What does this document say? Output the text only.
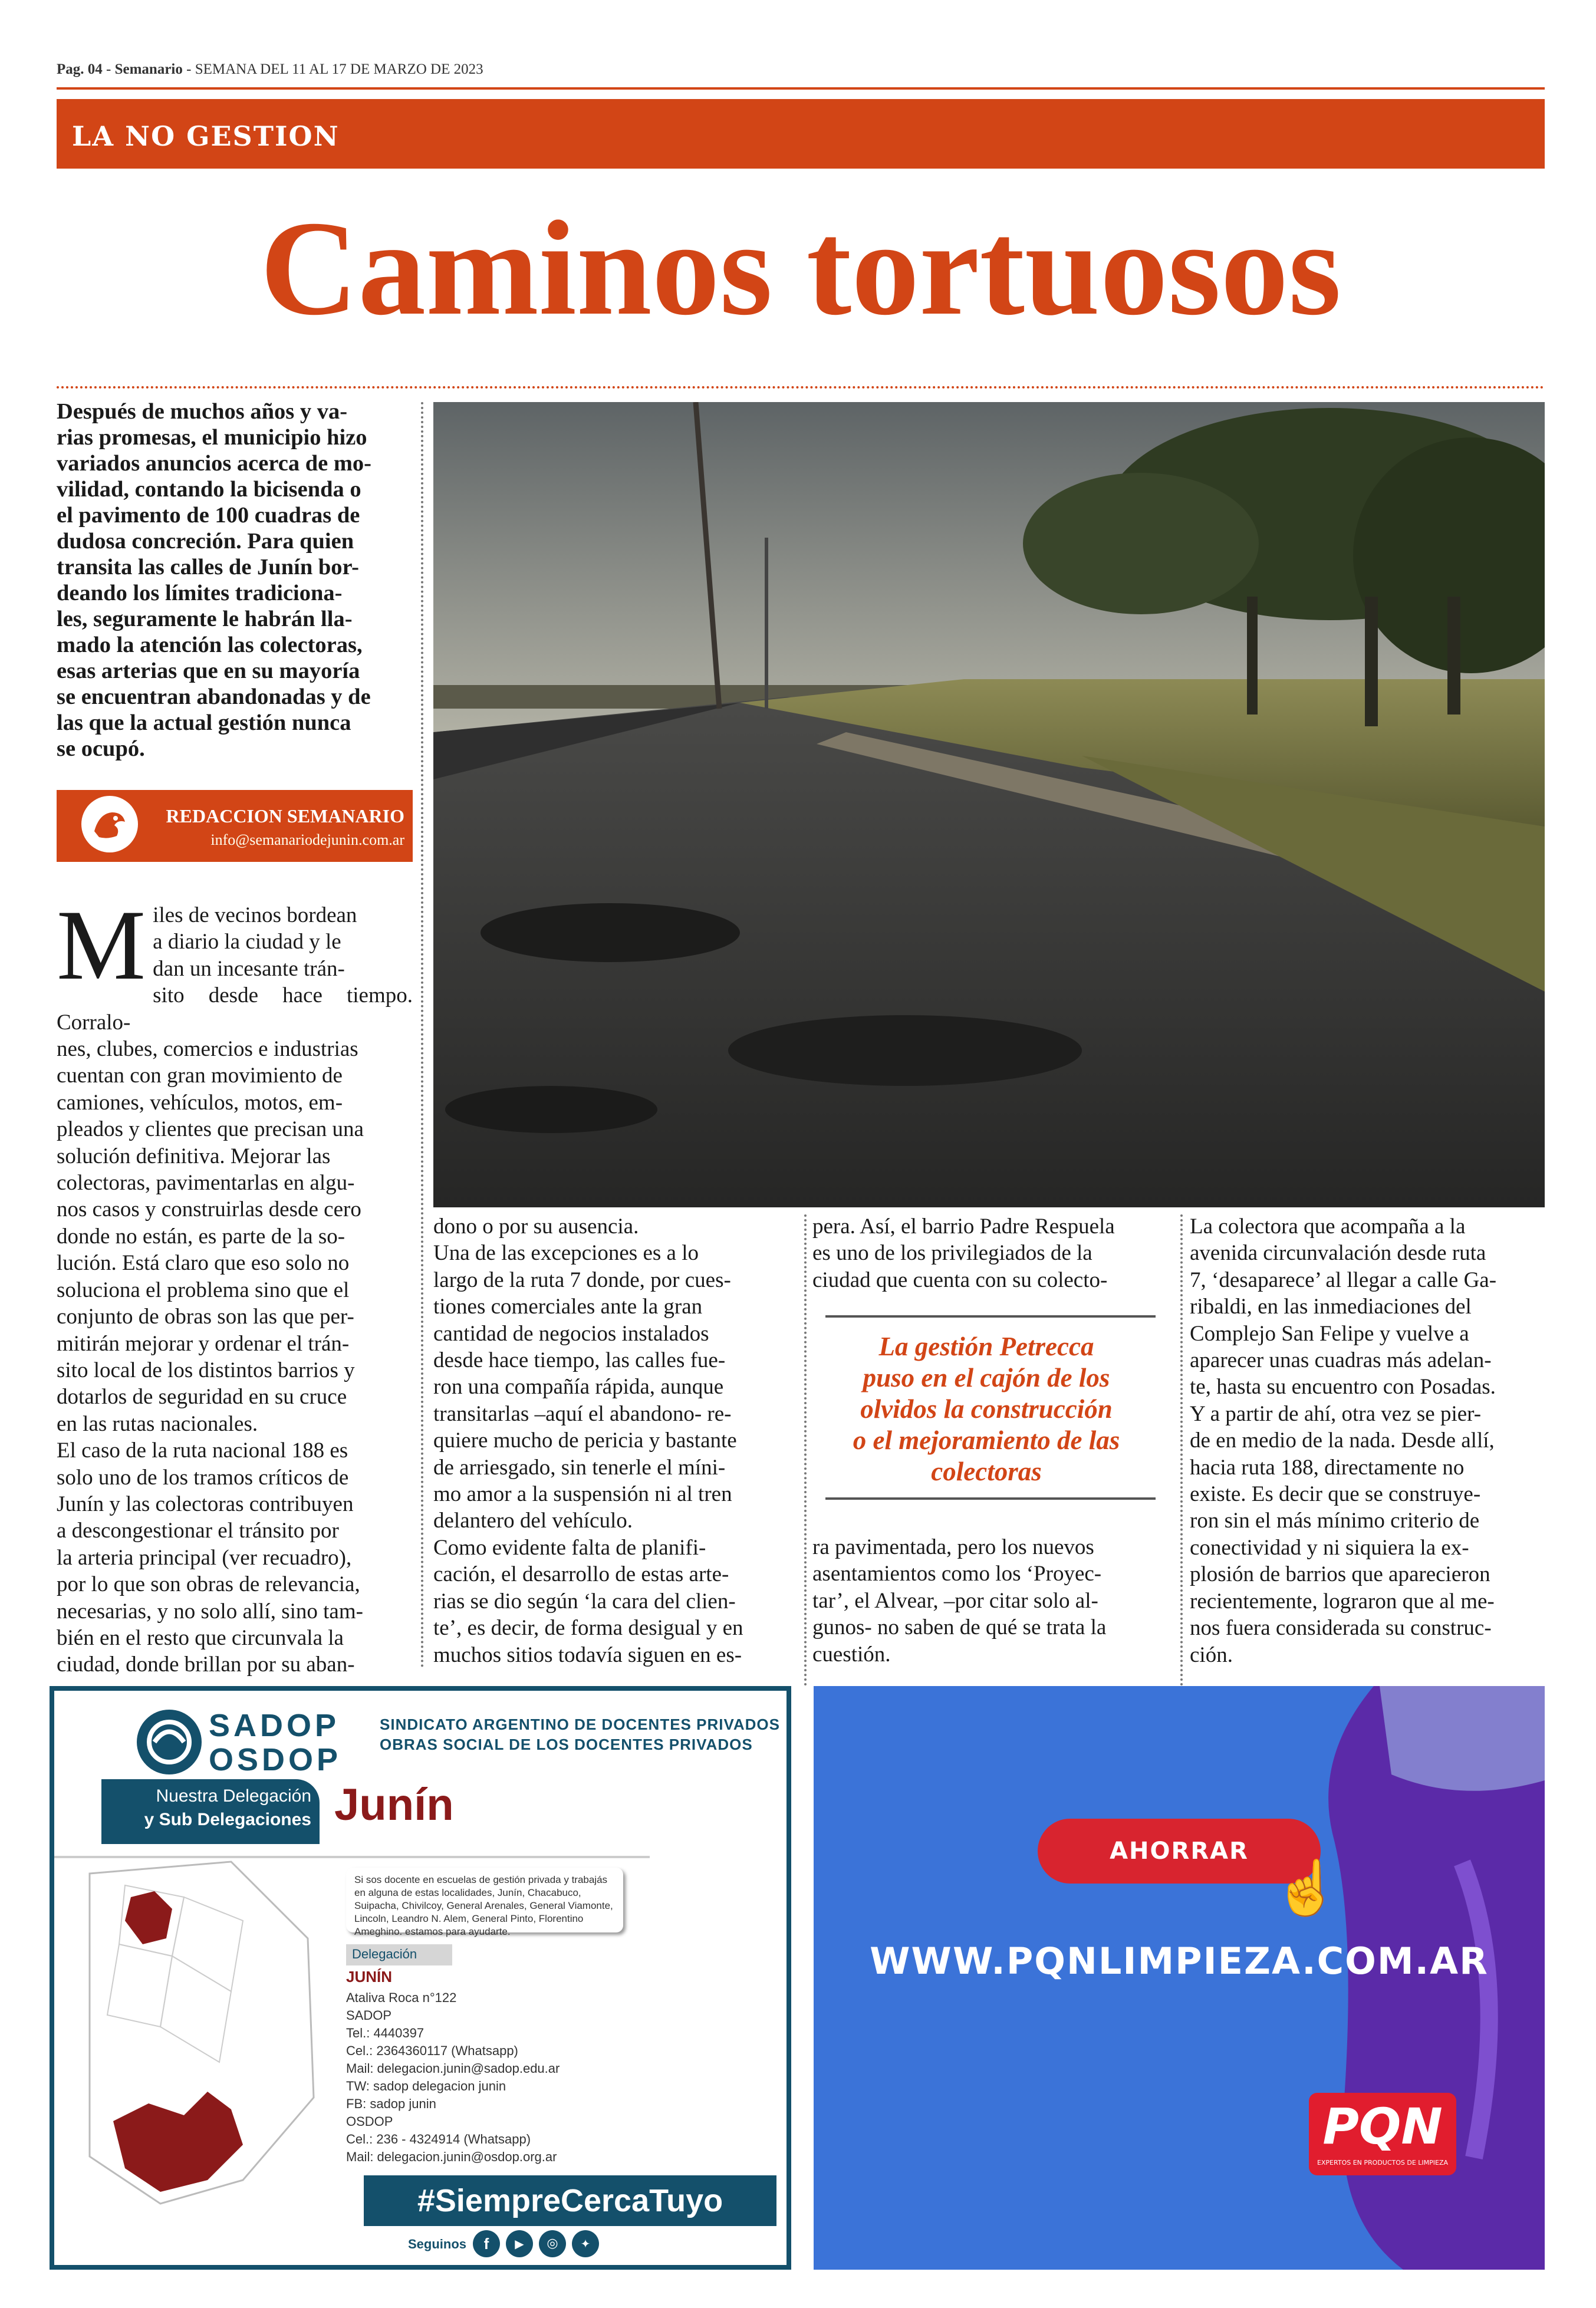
Pag. 04 - Semanario - SEMANA DEL 11 AL 17 DE MARZO DE 2023
LA NO GESTION
Caminos tortuosos
Después de muchos años y va-
rias promesas, el municipio hizo
variados anuncios acerca de mo-
vilidad, contando la bicisenda o
el pavimento de 100 cuadras de
dudosa concreción. Para quien
transita las calles de Junín bor-
deando los límites tradiciona-
les, seguramente le habrán lla-
mado la atención las colectoras,
esas arterias que en su mayoría
se encuentran abandonadas y de
las que la actual gestión nunca
se ocupó.
REDACCION SEMANARIO
info@semanariodejunin.com.ar
Miles de vecinos bordean
a diario la ciudad y le
dan un incesante trán-
sito desde hace tiempo. Corralo-
nes, clubes, comercios e industrias
cuentan con gran movimiento de
camiones, vehículos, motos, em-
pleados y clientes que precisan una
solución definitiva. Mejorar las
colectoras, pavimentarlas en algu-
nos casos y construirlas desde cero
donde no están, es parte de la so-
lución. Está claro que eso solo no
soluciona el problema sino que el
conjunto de obras son las que per-
mitirán mejorar y ordenar el trán-
sito local de los distintos barrios y
dotarlos de seguridad en su cruce
en las rutas nacionales.
El caso de la ruta nacional 188 es
solo uno de los tramos críticos de
Junín y las colectoras contribuyen
a descongestionar el tránsito por
la arteria principal (ver recuadro),
por lo que son obras de relevancia,
necesarias, y no solo allí, sino tam-
bién en el resto que circunvala la
ciudad, donde brillan por su aban-
dono o por su ausencia.
Una de las excepciones es a lo
largo de la ruta 7 donde, por cues-
tiones comerciales ante la gran
cantidad de negocios instalados
desde hace tiempo, las calles fue-
ron una compañía rápida, aunque
transitarlas –aquí el abandono- re-
quiere mucho de pericia y bastante
de arriesgado, sin tenerle el míni-
mo amor a la suspensión ni al tren
delantero del vehículo.
Como evidente falta de planifi-
cación, el desarrollo de estas arte-
rias se dio según ‘la cara del clien-
te’, es decir, de forma desigual y en
muchos sitios todavía siguen en es-
pera. Así, el barrio Padre Respuela
es uno de los privilegiados de la
ciudad que cuenta con su colecto-
La gestión Petrecca
puso en el cajón de los
olvidos la construcción
o el mejoramiento de las
colectoras
ra pavimentada, pero los nuevos
asentamientos como los ‘Proyec-
tar’, el Alvear, –por citar solo al-
gunos- no saben de qué se trata la
cuestión.
La colectora que acompaña a la
avenida circunvalación desde ruta
7, ‘desaparece’ al llegar a calle Ga-
ribaldi, en las inmediaciones del
Complejo San Felipe y vuelve a
aparecer unas cuadras más adelan-
te, hasta su encuentro con Posadas.
Y a partir de ahí, otra vez se pier-
de en medio de la nada. Desde allí,
hacia ruta 188, directamente no
existe. Es decir que se construye-
ron sin el más mínimo criterio de
conectividad y ni siquiera la ex-
plosión de barrios que aparecieron
recientemente, lograron que al me-
nos fuera considerada su construc-
ción.
SADOP
OSDOP
SINDICATO ARGENTINO DE DOCENTES PRIVADOS
OBRAS SOCIAL DE LOS DOCENTES PRIVADOS
Nuestra Delegación
y Sub Delegaciones Junín
Si sos docente en escuelas de gestión privada y trabajás en alguna de estas localidades, Junín, Chacabuco, Suipacha, Chivilcoy, General Arenales, General Viamonte, Lincoln, Leandro N. Alem, General Pinto, Florentino Ameghino. estamos para ayudarte.
Delegación
JUNÍN
Ataliva Roca n°122
SADOP
Tel.: 4440397
Cel.: 2364360117 (Whatsapp)
Mail: delegacion.junin@sadop.edu.ar
TW: sadop delegacion junin
FB: sadop junin
OSDOP
Cel.: 236 - 4324914 (Whatsapp)
Mail: delegacion.junin@osdop.org.ar
#SiempreCercaTuyo
Seguinos	f	▶	◎	✦
AHORRAR
☝
WWW.PQNLIMPIEZA.COM.AR
PQN
EXPERTOS EN PRODUCTOS DE LIMPIEZA
